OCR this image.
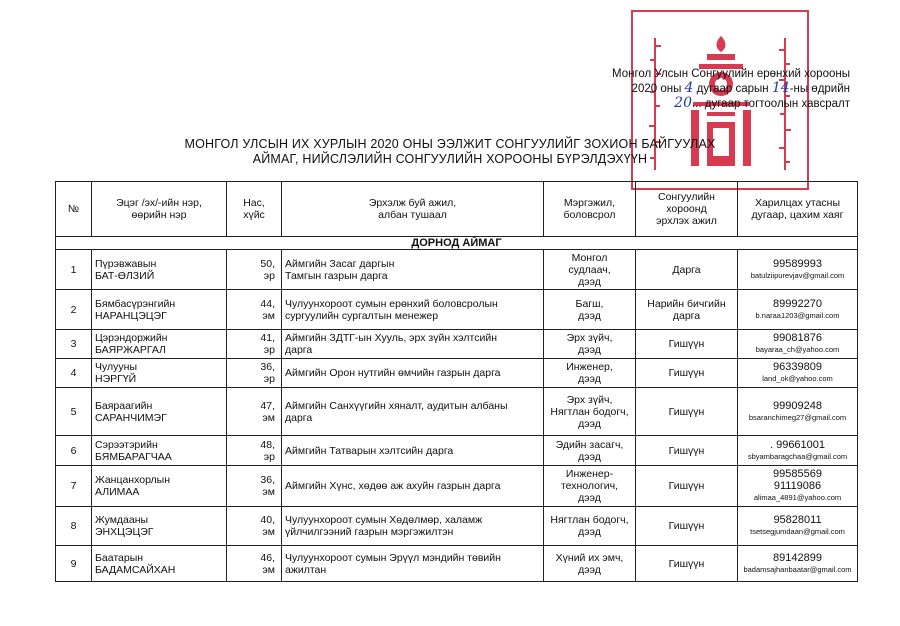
Монгол Улсын Сонгуулийн ерөнхий хорооны
2020 оны 4 дугаар сарын 14-ны өдрийн
20... дугаар тогтоолын хавсралт
МОНГОЛ УЛСЫН ИХ ХУРЛЫН 2020 ОНЫ ЭЭЛЖИТ СОНГУУЛИЙГ ЗОХИОН БАЙГУУЛАХ
АЙМАГ, НИЙСЛЭЛИЙН СОНГУУЛИЙН ХОРООНЫ БҮРЭЛДЭХҮҮН
№	Эцэг /эх/-ийн нэр,
өөрийн нэр	Нас,
хүйс	Эрхэлж буй ажил,
албан тушаал	Мэргэжил,
боловсрол	Сонгуулийн
хороонд
эрхлэх ажил	Харилцах утасны
дугаар, цахим хаяг
ДОРНОД АЙМАГ						
1	Пүрэвжавын
БАТ-ӨЛЗИЙ	50,
эр	Аймгийн Засаг даргын
Тамгын газрын дарга	Монгол
судлаач,
дээд	Дарга	99589993
batulziipurevjav@gmail.com

2	Бямбасүрэнгийн
НАРАНЦЭЦЭГ	44,
эм	Чулуунхороот сумын ерөнхий боловсролын
сургуулийн сургалтын менежер	Багш,
дээд	Нарийн бичгийн
дарга	89992270
b.naraa1203@gmail.com

3	Цэрэндоржийн
БАЯРЖАРГАЛ	41,
эр	Аймгийн ЗДТГ-ын Хууль, эрх зүйн хэлтсийн
дарга	Эрх зүйч,
дээд	Гишүүн	99081876
bayaraa_ch@yahoo.com

4	Чулууны
НЭРГҮЙ	36,
эр	Аймгийн Орон нутгийн өмчийн газрын дарга	Инженер,
дээд	Гишүүн	96339809
land_ok@yahoo.com

5	Баяраагийн
САРАНЧИМЭГ	47,
эм	Аймгийн Санхүүгийн хяналт, аудитын албаны
дарга	Эрх зүйч,
Нягтлан бодогч,
дээд	Гишүүн	99909248
bsaranchimeg27@gmail.com

6	Сэрээтэрийн
БЯМБАРАГЧАА	48,
эр	Аймгийн Татварын хэлтсийн дарга	Эдийн засагч,
дээд	Гишүүн	. 99661001
sbyambaragchaa@gmail.com

7	Жанцанхорлын
АЛИМАА	36,
эм	Аймгийн Хүнс, хөдөө аж ахуйн газрын дарга	Инженер-
технологич,
дээд	Гишүүн	99585569
91119086
alimaa_4891@yahoo.com

8	Жумдааны
ЭНХЦЭЦЭГ	40,
эм	Чулуунхороот сумын Хөдөлмөр, халамж
үйлчилгээний газрын мэргэжилтэн	Нягтлан бодогч,
дээд	Гишүүн	95828011
tsetsegjumdaan@gmail.com

9	Баатарын
БАДАМСАЙХАН	46,
эм	Чулуунхороот сумын Эрүүл мэндийн төвийн
ажилтан	Хүний их эмч,
дээд	Гишүүн	89142899
badamsajhanbaatar@gmail.com
